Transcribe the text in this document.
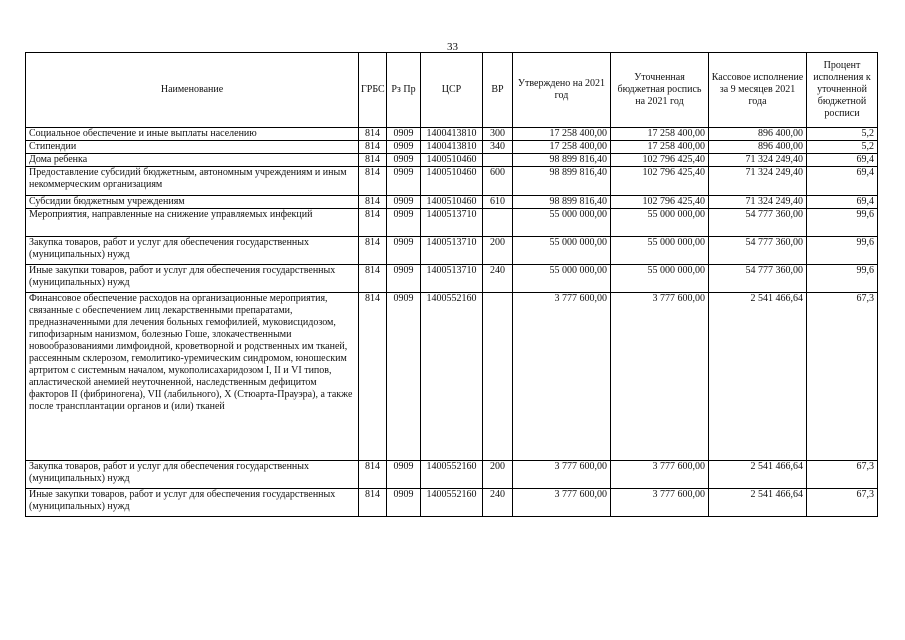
33
Наименование	ГРБС	Рз Пр	ЦСР	ВР	Утверждено на 2021 год	Уточненная бюджетная роспись на 2021 год	Кассовое исполнение за 9 месяцев 2021 года	Процент исполнения к уточненной бюджетной росписи
Социальное обеспечение и иные выплаты населению	814	0909	1400413810	300	17 258 400,00	17 258 400,00	896 400,00	5,2
Стипендии	814	0909	1400413810	340	17 258 400,00	17 258 400,00	896 400,00	5,2
Дома ребенка	814	0909	1400510460		98 899 816,40	102 796 425,40	71 324 249,40	69,4
Предоставление субсидий бюджетным, автономным учреждениям и иным некоммерческим организациям	814	0909	1400510460	600	98 899 816,40	102 796 425,40	71 324 249,40	69,4
Субсидии бюджетным учреждениям	814	0909	1400510460	610	98 899 816,40	102 796 425,40	71 324 249,40	69,4
Мероприятия, направленные на снижение управляемых инфекций	814	0909	1400513710		55 000 000,00	55 000 000,00	54 777 360,00	99,6
Закупка товаров, работ и услуг для обеспечения государственных (муниципальных) нужд	814	0909	1400513710	200	55 000 000,00	55 000 000,00	54 777 360,00	99,6
Иные закупки товаров, работ и услуг для обеспечения государственных (муниципальных) нужд	814	0909	1400513710	240	55 000 000,00	55 000 000,00	54 777 360,00	99,6
Финансовое обеспечение расходов на организационные мероприятия, связанные с обеспечением лиц лекарственными препаратами, предназначенными для лечения больных гемофилией, муковисцидозом, гипофизарным нанизмом, болезнью Гоше, злокачественными новообразованиями лимфоидной, кроветворной и родственных им тканей, рассеянным склерозом, гемолитико-уремическим синдромом, юношеским артритом с системным началом, мукополисахаридозом I, II и VI типов, апластической анемией неуточненной, наследственным дефицитом факторов II (фибриногена), VII (лабильного), X (Стюарта-Прауэра), а также после трансплантации органов и (или) тканей	814	0909	1400552160		3 777 600,00	3 777 600,00	2 541 466,64	67,3
Закупка товаров, работ и услуг для обеспечения государственных (муниципальных) нужд	814	0909	1400552160	200	3 777 600,00	3 777 600,00	2 541 466,64	67,3
Иные закупки товаров, работ и услуг для обеспечения государственных (муниципальных) нужд	814	0909	1400552160	240	3 777 600,00	3 777 600,00	2 541 466,64	67,3
